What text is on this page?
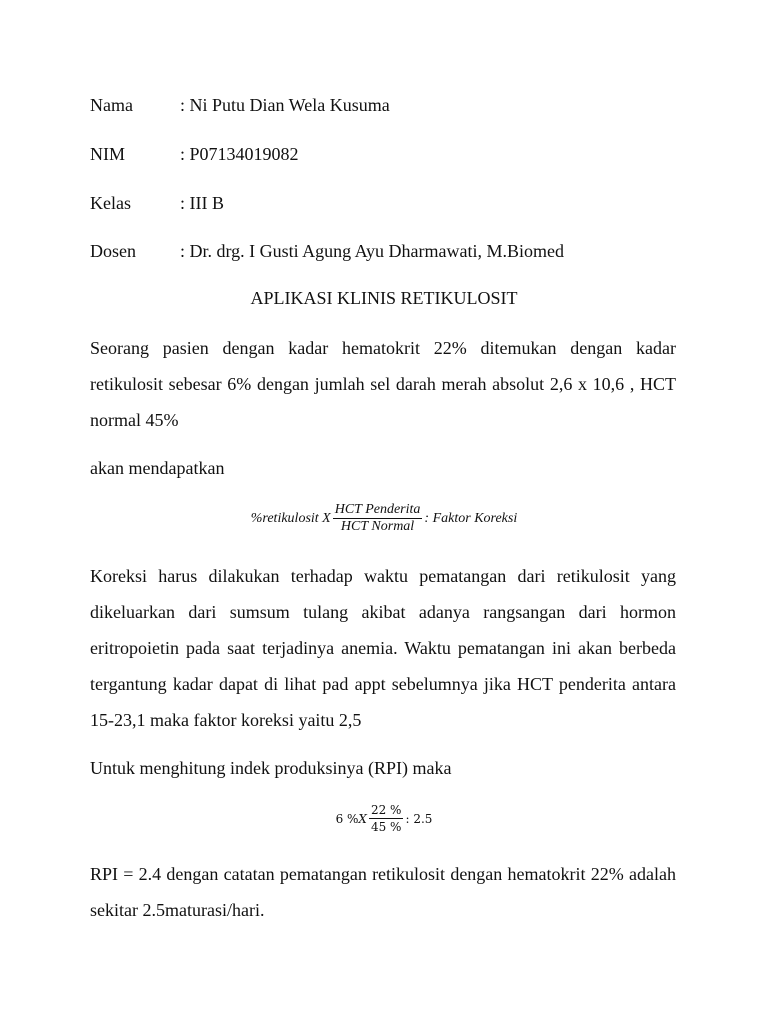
Nama	: Ni Putu Dian Wela Kusuma
NIM	: P07134019082
Kelas	: III B
Dosen : Dr. drg. I Gusti Agung Ayu Dharmawati, M.Biomed
APLIKASI KLINIS RETIKULOSIT

Seorang pasien dengan kadar hematokrit 22% ditemukan dengan kadar retikulosit sebesar 6% dengan jumlah sel darah merah absolut 2,6 x 10,6 , HCT normal 45%

akan mendapatkan

%retikulosit X $\frac{\text{HCT Penderita}}{\text{HCT Normal}}$ : Faktor Koreksi

Koreksi harus dilakukan terhadap waktu pematangan dari retikulosit yang dikeluarkan dari sumsum tulang akibat adanya rangsangan dari hormon eritropoietin pada saat terjadinya anemia. Waktu pematangan ini akan berbeda tergantung kadar dapat di lihat pad appt sebelumnya jika HCT penderita antara 15-23,1 maka faktor koreksi yaitu 2,5

Untuk menghitung indek produksinya (RPI) maka

6 % X $\frac{22 \%}{45 \%}$ : 2.5

RPI = 2.4 dengan catatan pematangan retikulosit dengan hematokrit 22% adalah sekitar 2.5maturasi/hari.
